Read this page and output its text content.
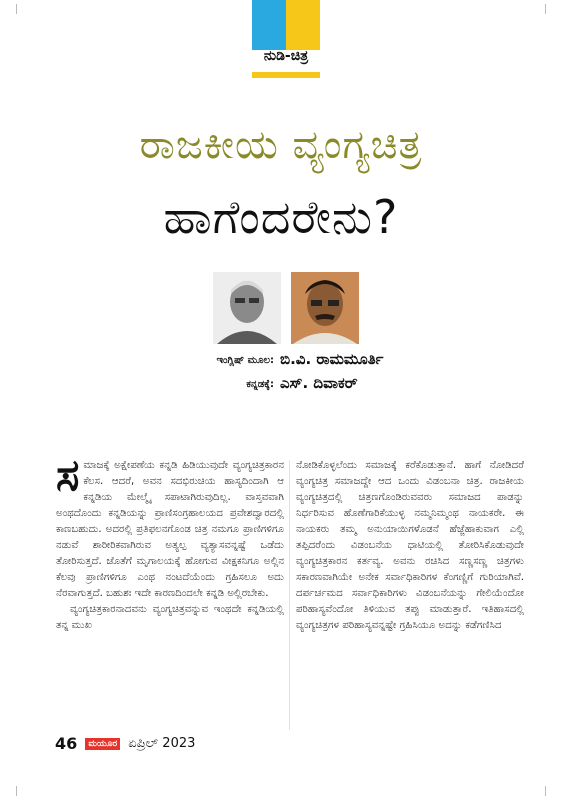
ನುಡಿ-ಚಿತ್ರ
ರಾಜಕೀಯ ವ್ಯಂಗ್ಯಚಿತ್ರ
ಹಾಗೆಂದರೇನು?
ಇಂಗ್ಲಿಷ್ ಮೂಲ: ಬಿ.ವಿ. ರಾಮಮೂರ್ತಿ
ಕನ್ನಡಕ್ಕೆ: ಎಸ್. ದಿವಾಕರ್

ಸಮಾಜಕ್ಕೆ ಅಕ್ಷೇಪಣೆಯ ಕನ್ನಡಿ ಹಿಡಿಯುವುದೇ ವ್ಯಂಗ್ಯಚಿತ್ರಕಾರನ ಕೆಲಸ. ಆದರೆ, ಅವನ ಸದಭಿರುಚಿಯ ಹಾಸ್ಯದಿಂದಾಗಿ ಆ ಕನ್ನಡಿಯ ಮೇಲ್ಮೈ ಸಪಾಟಾಗಿರುವುದಿಲ್ಲ. ವಾಸ್ತವವಾಗಿ ಅಂಥದೊಂದು ಕನ್ನಡಿಯನ್ನು ಪ್ರಾಣಿಸಂಗ್ರಹಾಲಯದ ಪ್ರವೇಶದ್ವಾರದಲ್ಲಿ ಕಾಣಬಹುದು. ಅದರಲ್ಲಿ ಪ್ರತಿಫಲನಗೊಂಡ ಚಿತ್ರ ನಮಗೂ ಪ್ರಾಣಿಗಳಿಗೂ ನಡುವೆ ಶಾರೀರಿಕವಾಗಿರುವ ಅತ್ಯಲ್ಪ ವ್ಯತ್ಯಾಸವನ್ನಷ್ಟೆ ಒಡೆದು ತೋರಿಸುತ್ತದೆ. ಜೊತೆಗೆ ಮೃಗಾಲಯಕ್ಕೆ ಹೋಗುವ ವೀಕ್ಷಕನಿಗೂ ಅಲ್ಲಿನ ಕೆಲವು ಪ್ರಾಣಿಗಳಿಗೂ ಎಂಥ ನಂಟದೆಯೆಂದು ಗ್ರಹಿಸಲೂ ಅದು ನೆರವಾಗುತ್ತದೆ. ಬಹುಶಃ ಇದೇ ಕಾರಣದಿಂದಲೇ ಕನ್ನಡಿ ಅಲ್ಲಿರಬೇಕು.

ವ್ಯಂಗ್ಯಚಿತ್ರಕಾರನಾದವನು ವ್ಯಂಗ್ಯಚಿತ್ರವನ್ನುವ ಇಂಥದೇ ಕನ್ನಡಿಯಲ್ಲಿ ತನ್ನ ಮುಖ

ನೋಡಿಕೊಳ್ಳಲೆಂದು ಸಮಾಜಕ್ಕೆ ಕರೆಕೊಡುತ್ತಾನೆ. ಹಾಗೆ ನೋಡಿದರೆ ವ್ಯಂಗ್ಯಚಿತ್ರ ಸಮಾಜದ್ದೇ ಆದ ಒಂದು ವಿಡಂಬನಾ ಚಿತ್ರ. ರಾಜಕೀಯ ವ್ಯಂಗ್ಯಚಿತ್ರದಲ್ಲಿ ಚಿತ್ರಣಗೊಂಡಿರುವವರು ಸಮಾಜದ ಪಾಡನ್ನು ನಿರ್ಧರಿಸುವ ಹೊಣೆಗಾರಿಕೆಯುಳ್ಳ ನಮ್ಮನಿಮ್ಮಂಥ ನಾಯಕರೇ. ಈ ನಾಯಕರು ತಮ್ಮ ಅನುಯಾಯಿಗಳೊಡನೆ ಹೆಜ್ಜೆಹಾಕುವಾಗ ಎಲ್ಲಿ ತಪ್ಪಿದರೆಂದು ವಿಡಂಬನೆಯ ಧಾಟಿಯಲ್ಲಿ ತೋರಿಸಿಕೊಡುವುದೇ ವ್ಯಂಗ್ಯಚಿತ್ರಕಾರನ ಕರ್ತವ್ಯ. ಅವನು ರಚಿಸಿದ ಸಣ್ಣಸಣ್ಣ ಚಿತ್ರಗಳು ಸಕಾರಣವಾಗಿಯೇ ಅನೇಕ ಸರ್ವಾಧಿಕಾರಿಗಳ ಕೆಂಗಣ್ಣಿಗೆ ಗುರಿಯಾಗಿವೆ. ದರ್ಪರ್ಚಮದ ಸರ್ವಾಧಿಕಾರಿಗಳು ವಿಡಂಬನೆಯನ್ನು ಗೇಲಿಯೆಂದೋ ಪರಿಹಾಸ್ಯವೆಂದೋ ತಿಳಿಯುವ ತಪ್ಪು ಮಾಡುತ್ತಾರೆ. ಇತಿಹಾಸದಲ್ಲಿ ವ್ಯಂಗ್ಯಚಿತ್ರಗಳ ಪರಿಹಾಸ್ಯವನ್ನಷ್ಟೇ ಗ್ರಹಿಸಿಯೂ ಅದನ್ನು ಕಡೆಗಣಿಸಿದ

46 ಮಯೂರ ಏಪ್ರಿಲ್ 2023
